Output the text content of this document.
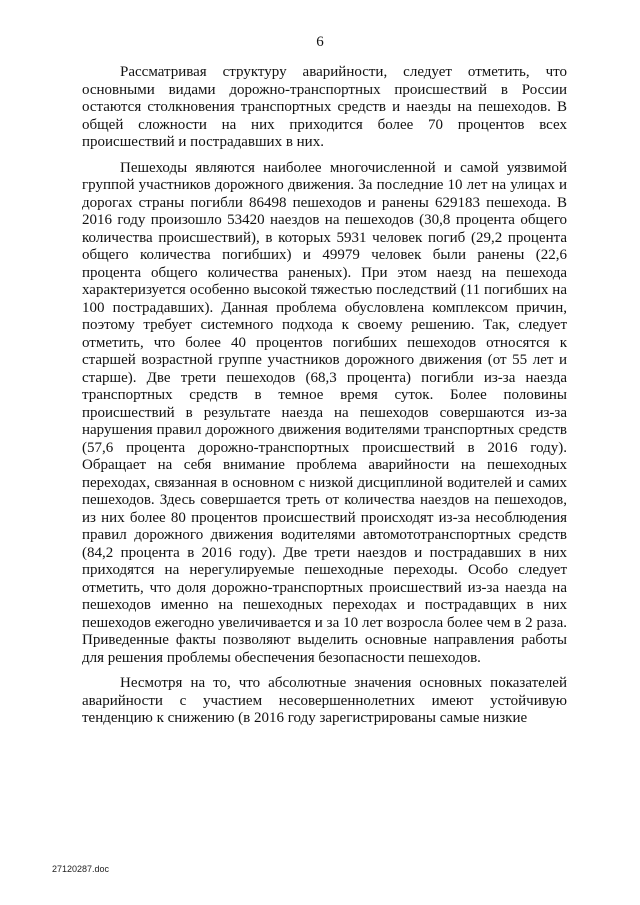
6

Рассматривая структуру аварийности, следует отметить, что основными видами дорожно-транспортных происшествий в России остаются столкновения транспортных средств и наезды на пешеходов. В общей сложности на них приходится более 70 процентов всех происшествий и пострадавших в них.

Пешеходы являются наиболее многочисленной и самой уязвимой группой участников дорожного движения. За последние 10 лет на улицах и дорогах страны погибли 86498 пешеходов и ранены 629183 пешехода. В 2016 году произошло 53420 наездов на пешеходов (30,8 процента общего количества происшествий), в которых 5931 человек погиб (29,2 процента общего количества погибших) и 49979 человек были ранены (22,6 процента общего количества раненых). При этом наезд на пешехода характеризуется особенно высокой тяжестью последствий (11 погибших на 100 пострадавших). Данная проблема обусловлена комплексом причин, поэтому требует системного подхода к своему решению. Так, следует отметить, что более 40 процентов погибших пешеходов относятся к старшей возрастной группе участников дорожного движения (от 55 лет и старше). Две трети пешеходов (68,3 процента) погибли из-за наезда транспортных средств в темное время суток. Более половины происшествий в результате наезда на пешеходов совершаются из-за нарушения правил дорожного движения водителями транспортных средств (57,6 процента дорожно-транспортных происшествий в 2016 году). Обращает на себя внимание проблема аварийности на пешеходных переходах, связанная в основном с низкой дисциплиной водителей и самих пешеходов. Здесь совершается треть от количества наездов на пешеходов, из них более 80 процентов происшествий происходят из-за несоблюдения правил дорожного движения водителями автомототранспортных средств (84,2 процента в 2016 году). Две трети наездов и пострадавших в них приходятся на нерегулируемые пешеходные переходы. Особо следует отметить, что доля дорожно-транспортных происшествий из-за наезда на пешеходов именно на пешеходных переходах и пострадавщих в них пешеходов ежегодно увеличивается и за 10 лет возросла более чем в 2 раза. Приведенные факты позволяют выделить основные направления работы для решения проблемы обеспечения безопасности пешеходов.

Несмотря на то, что абсолютные значения основных показателей аварийности с участием несовершеннолетних имеют устойчивую тенденцию к снижению (в 2016 году зарегистрированы самые низкие

27120287.doc
